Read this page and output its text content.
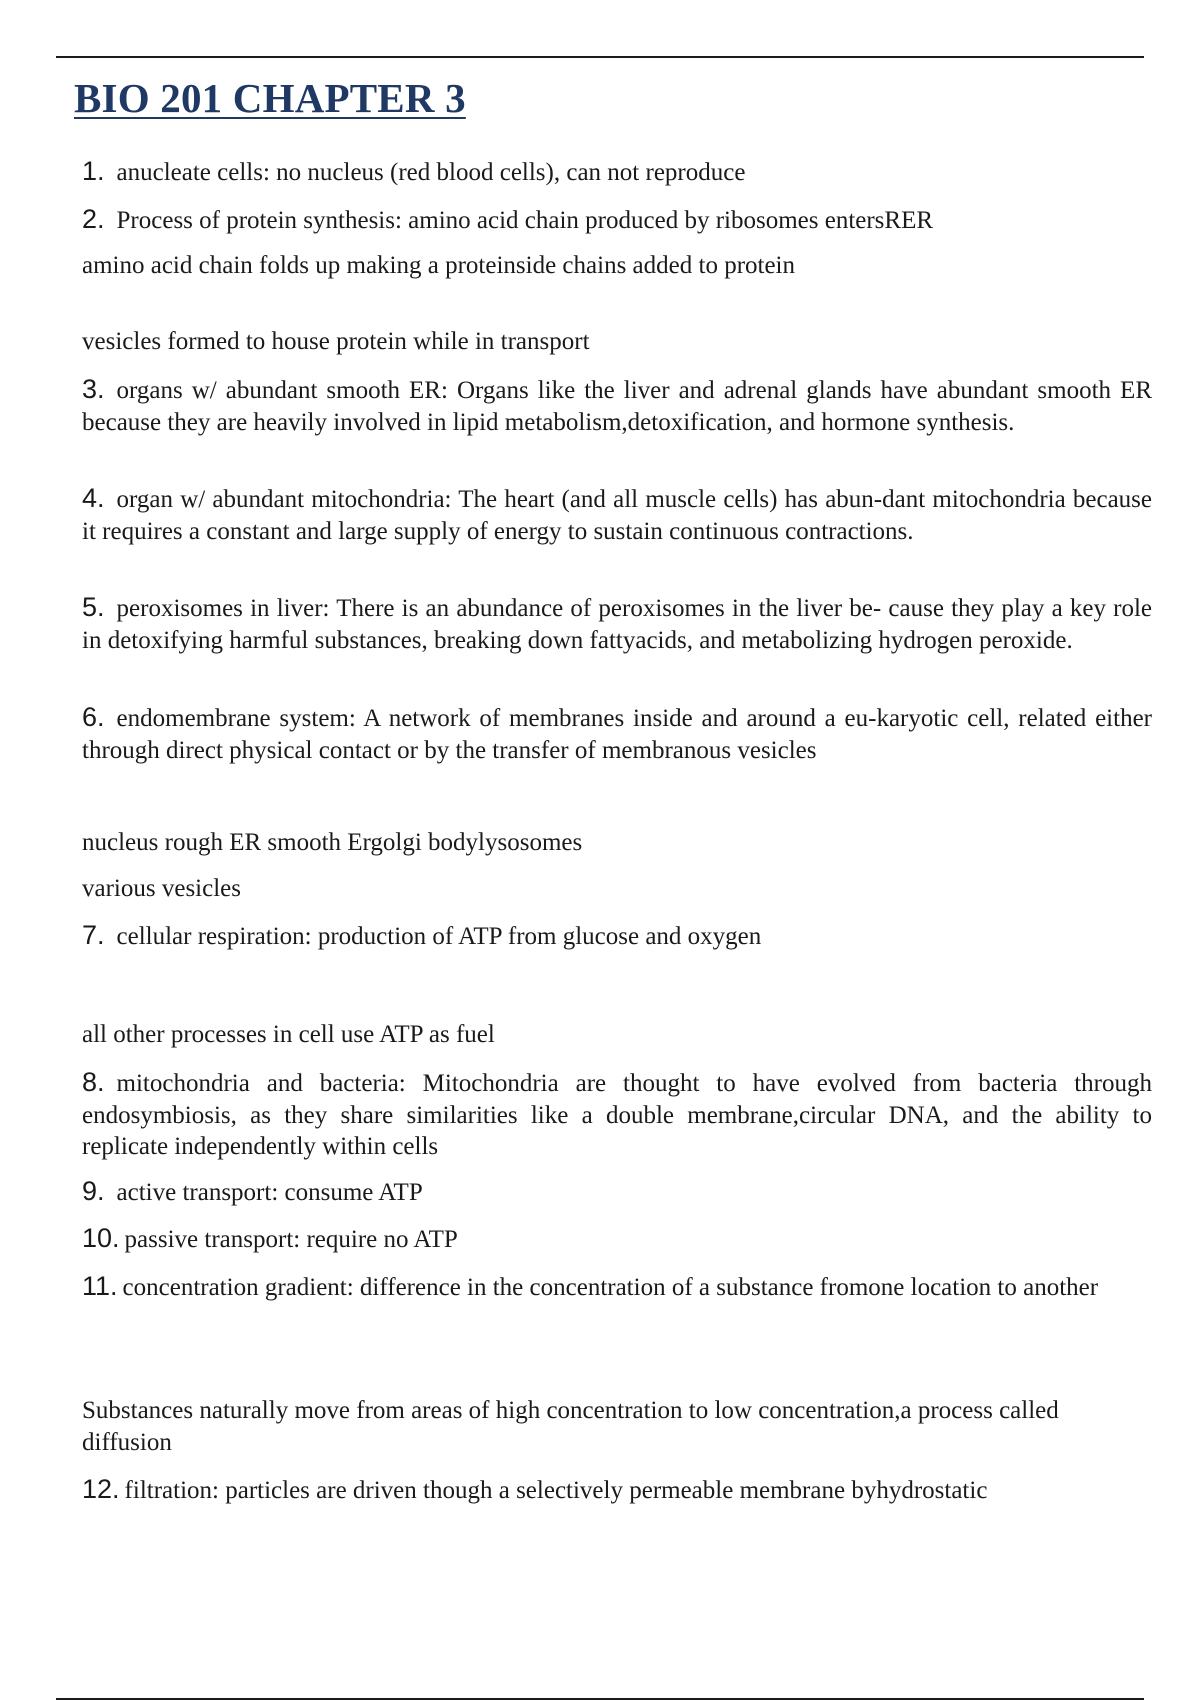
BIO 201 CHAPTER 3
1. anucleate cells: no nucleus (red blood cells), can not reproduce
2. Process of protein synthesis: amino acid chain produced by ribosomes entersRER
amino acid chain folds up making a proteinside chains added to protein
vesicles formed to house protein while in transport
3. organs w/ abundant smooth ER: Organs like the liver and adrenal glands have abundant smooth ER because they are heavily involved in lipid metabolism,detoxification, and hormone synthesis.
4. organ w/ abundant mitochondria: The heart (and all muscle cells) has abun-dant mitochondria because it requires a constant and large supply of energy to sustain continuous contractions.
5. peroxisomes in liver: There is an abundance of peroxisomes in the liver be- cause they play a key role in detoxifying harmful substances, breaking down fattyacids, and metabolizing hydrogen peroxide.
6. endomembrane system: A network of membranes inside and around a eu-karyotic cell, related either through direct physical contact or by the transfer of membranous vesicles
nucleus rough ER smooth Ergolgi bodylysosomes
various vesicles
7. cellular respiration: production of ATP from glucose and oxygen
all other processes in cell use ATP as fuel
8. mitochondria and bacteria: Mitochondria are thought to have evolved from bacteria through endosymbiosis, as they share similarities like a double membrane,circular DNA, and the ability to replicate independently within cells
9. active transport: consume ATP
10. passive transport: require no ATP
11. concentration gradient: difference in the concentration of a substance fromone location to another
Substances naturally move from areas of high concentration to low concentration,a process called diffusion
12. filtration: particles are driven though a selectively permeable membrane byhydrostatic
